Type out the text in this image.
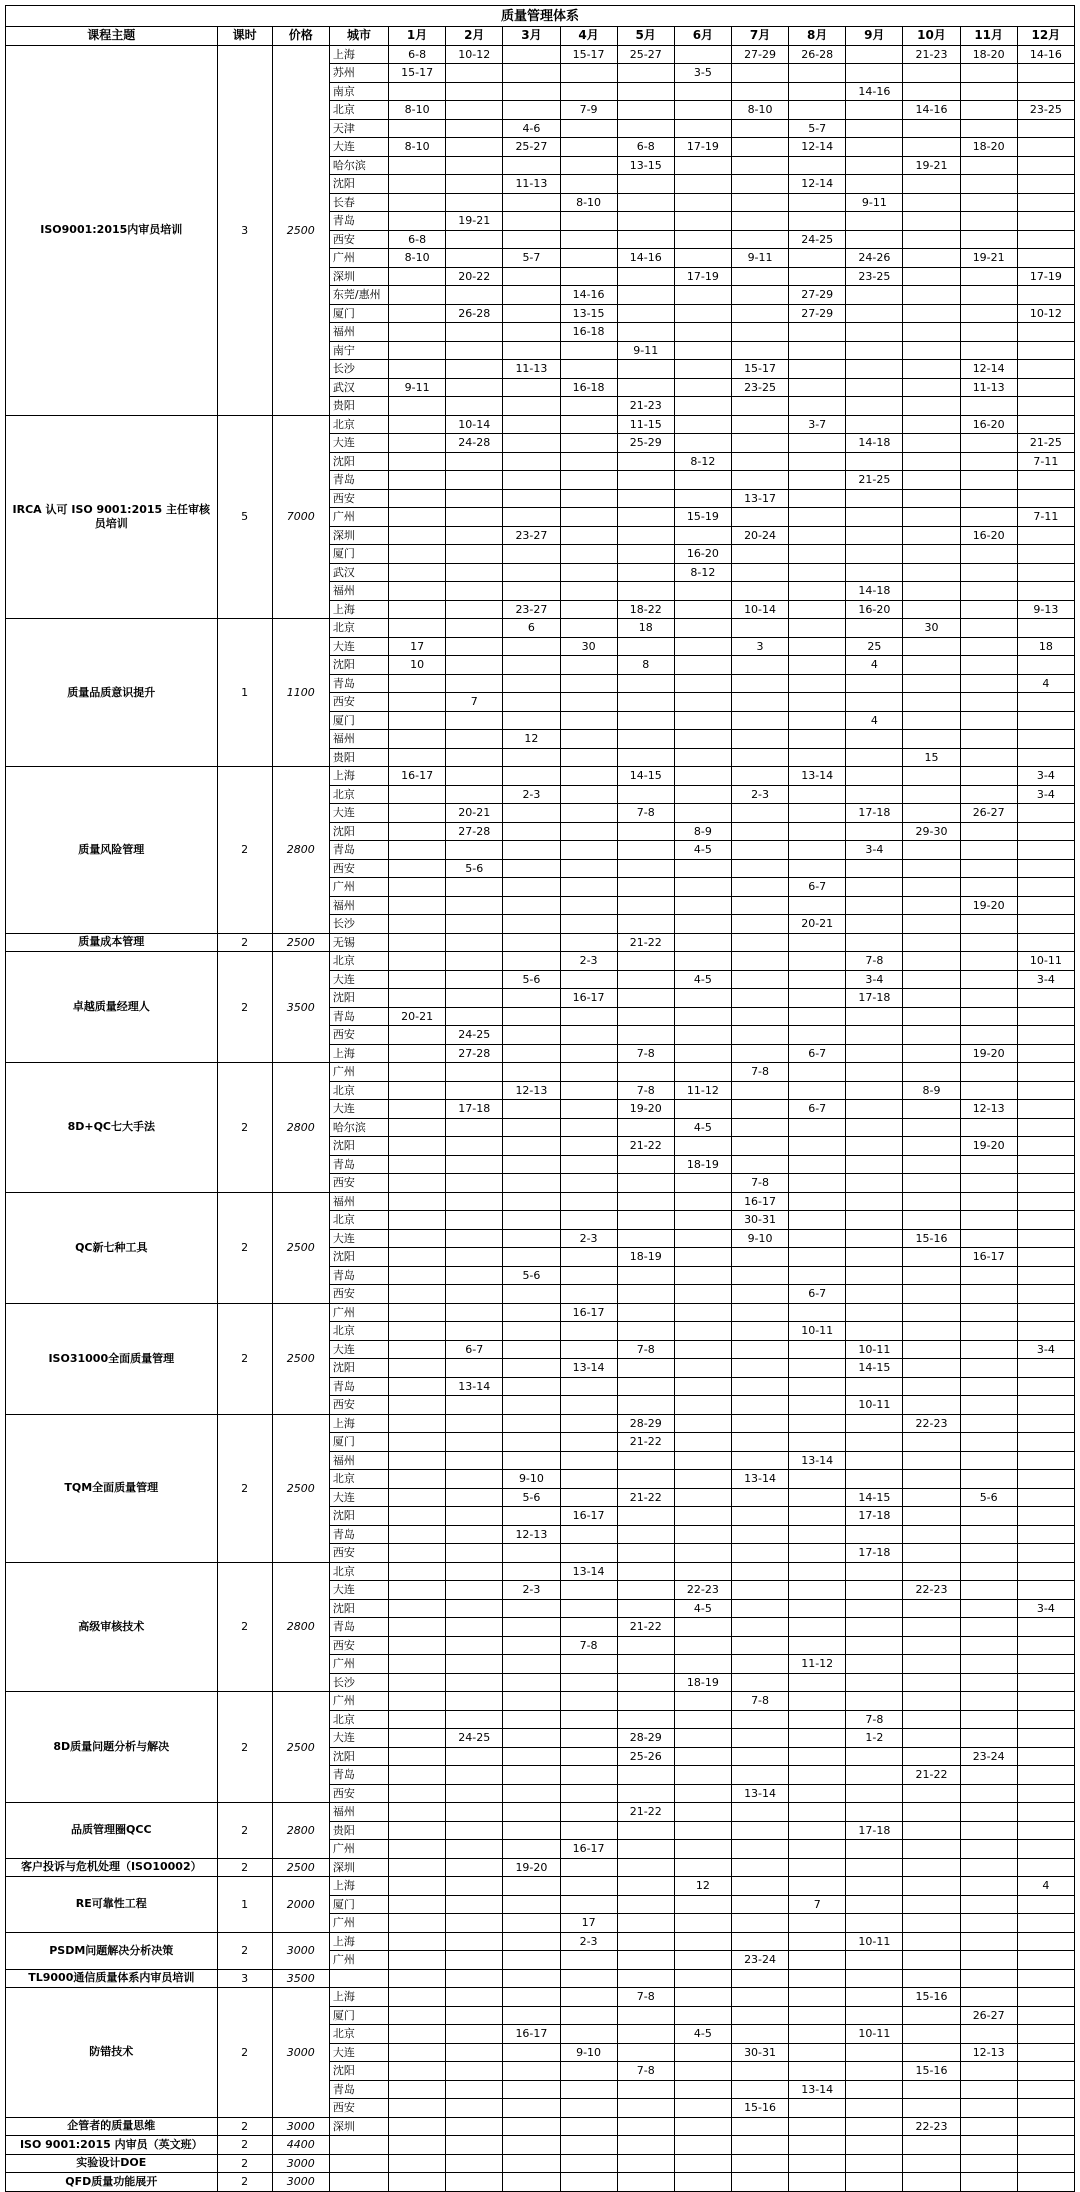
质量管理体系															
课程主题	课时	价格	城市	1月	2月	3月	4月	5月	6月	7月	8月	9月	10月	11月	12月
ISO9001:2015内审员培训	3	2500	上海	6-8	10-12		15-17	25-27		27-29	26-28		21-23	18-20	14-16
			苏州	15-17					3-5						
			南京									14-16			
			北京	8-10			7-9			8-10			14-16		23-25
			天津			4-6					5-7				
			大连	8-10		25-27		6-8	17-19		12-14			18-20	
			哈尔滨					13-15					19-21		
			沈阳			11-13					12-14				
			长春				8-10					9-11			
			青岛		19-21										
			西安	6-8							24-25				
			广州	8-10		5-7		14-16		9-11		24-26		19-21	
			深圳		20-22				17-19			23-25			17-19
			东莞/惠州				14-16				27-29				
			厦门		26-28		13-15				27-29				10-12
			福州				16-18								
			南宁					9-11							
			长沙			11-13				15-17				12-14	
			武汉	9-11			16-18			23-25				11-13	
			贵阳					21-23							
IRCA 认可 ISO 9001:2015 主任审核员培训	5	7000	北京		10-14			11-15			3-7			16-20	
			大连		24-28			25-29				14-18			21-25
			沈阳						8-12						7-11
			青岛									21-25			
			西安							13-17					
			广州						15-19						7-11
			深圳			23-27				20-24				16-20	
			厦门						16-20						
			武汉						8-12						
			福州									14-18			
			上海			23-27		18-22		10-14		16-20			9-13
质量品质意识提升	1	1100	北京			6		18					30		
			大连	17			30			3		25			18
			沈阳	10				8				4			
			青岛												4
			西安		7										
			厦门									4			
			福州			12									
			贵阳										15		
质量风险管理	2	2800	上海	16-17				14-15			13-14				3-4
			北京			2-3				2-3					3-4
			大连		20-21			7-8				17-18		26-27	
			沈阳		27-28				8-9				29-30		
			青岛						4-5			3-4			
			西安		5-6										
			广州								6-7				
			福州											19-20	
			长沙								20-21				
质量成本管理	2	2500	无锡					21-22							
卓越质量经理人	2	3500	北京				2-3					7-8			10-11
			大连			5-6			4-5			3-4			3-4
			沈阳				16-17					17-18			
			青岛	20-21											
			西安		24-25										
			上海		27-28			7-8			6-7			19-20	
8D+QC七大手法	2	2800	广州							7-8					
			北京			12-13		7-8	11-12				8-9		
			大连		17-18			19-20			6-7			12-13	
			哈尔滨						4-5						
			沈阳					21-22						19-20	
			青岛						18-19						
			西安							7-8					
QC新七种工具	2	2500	福州							16-17					
			北京							30-31					
			大连				2-3			9-10			15-16		
			沈阳					18-19						16-17	
			青岛			5-6									
			西安								6-7				
ISO31000全面质量管理	2	2500	广州				16-17								
			北京								10-11				
			大连		6-7			7-8				10-11			3-4
			沈阳				13-14					14-15			
			青岛		13-14										
			西安									10-11			
TQM全面质量管理	2	2500	上海					28-29					22-23		
			厦门					21-22							
			福州								13-14				
			北京			9-10				13-14					
			大连			5-6		21-22				14-15		5-6	
			沈阳				16-17					17-18			
			青岛			12-13									
			西安									17-18			
高级审核技术	2	2800	北京				13-14								
			大连			2-3			22-23				22-23		
			沈阳						4-5						3-4
			青岛					21-22							
			西安				7-8								
			广州								11-12				
			长沙						18-19						
8D质量问题分析与解决	2	2500	广州							7-8					
			北京									7-8			
			大连		24-25			28-29				1-2			
			沈阳					25-26						23-24	
			青岛										21-22		
			西安							13-14					
品质管理圈QCC	2	2800	福州					21-22							
			贵阳									17-18			
			广州				16-17								
客户投诉与危机处理（ISO10002）	2	2500	深圳			19-20									
RE可靠性工程	1	2000	上海						12						4
			厦门								7				
			广州				17								
PSDM问题解决分析决策	2	3000	上海				2-3					10-11			
			广州							23-24					
TL9000通信质量体系内审员培训	3	3500													
防错技术	2	3000	上海					7-8					15-16		
			厦门											26-27	
			北京			16-17			4-5			10-11			
			大连				9-10			30-31				12-13	
			沈阳					7-8					15-16		
			青岛								13-14				
			西安							15-16					
企管者的质量思维	2	3000	深圳										22-23		
ISO 9001:2015 内审员（英文班）	2	4400													
实验设计DOE	2	3000													
QFD质量功能展开	2	3000													
